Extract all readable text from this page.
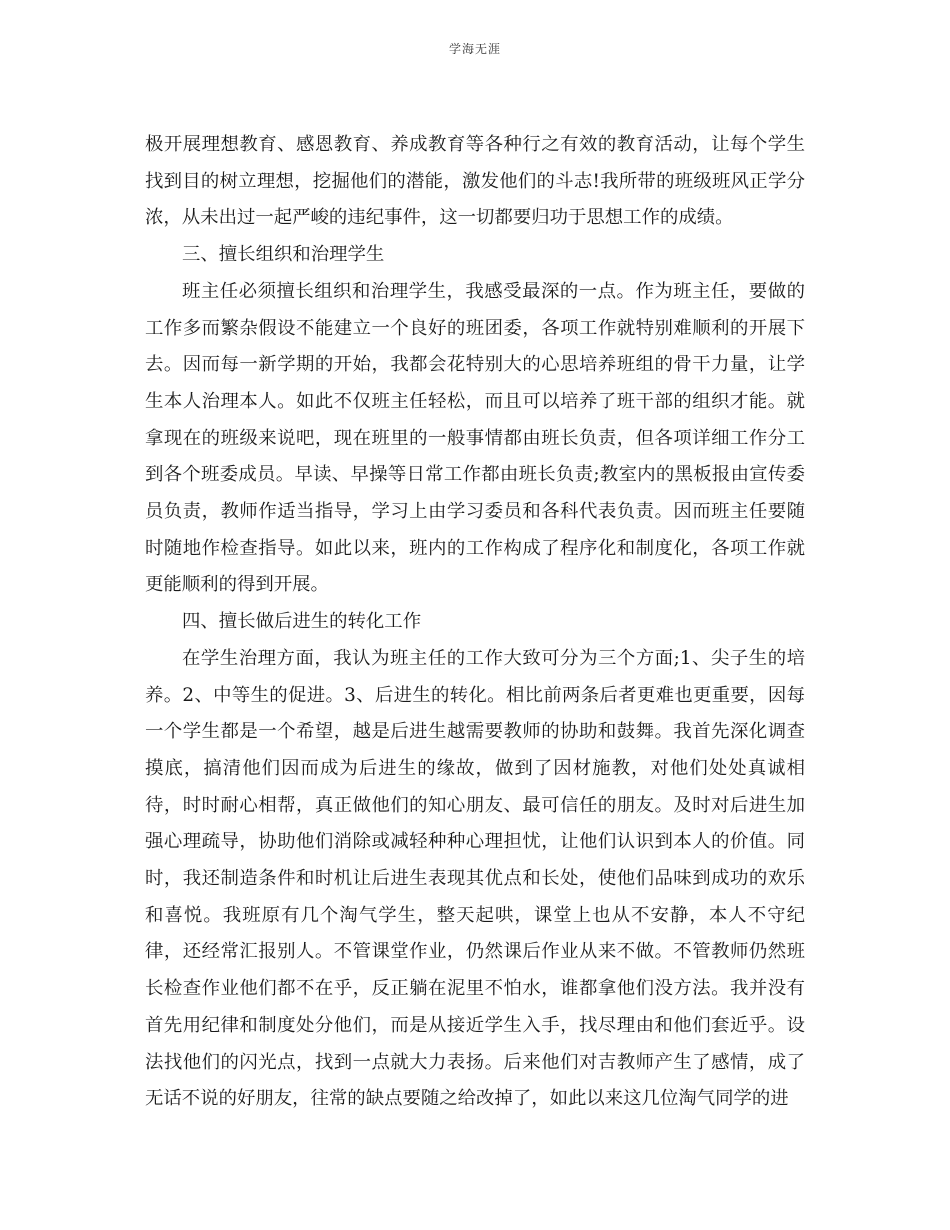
学海无涯

极开展理想教育、感恩教育、养成教育等各种行之有效的教育活动，让每个学生找到目的树立理想，挖掘他们的潜能，激发他们的斗志!我所带的班级班风正学分浓，从未出过一起严峻的违纪事件，这一切都要归功于思想工作的成绩。

三、擅长组织和治理学生

班主任必须擅长组织和治理学生，我感受最深的一点。作为班主任，要做的工作多而繁杂假设不能建立一个良好的班团委，各项工作就特别难顺利的开展下去。因而每一新学期的开始，我都会花特别大的心思培养班组的骨干力量，让学生本人治理本人。如此不仅班主任轻松，而且可以培养了班干部的组织才能。就拿现在的班级来说吧，现在班里的一般事情都由班长负责，但各项详细工作分工到各个班委成员。早读、早操等日常工作都由班长负责;教室内的黑板报由宣传委员负责，教师作适当指导，学习上由学习委员和各科代表负责。因而班主任要随时随地作检查指导。如此以来，班内的工作构成了程序化和制度化，各项工作就更能顺利的得到开展。

四、擅长做后进生的转化工作

在学生治理方面，我认为班主任的工作大致可分为三个方面;1、尖子生的培养。2、中等生的促进。3、后进生的转化。相比前两条后者更难也更重要，因每一个学生都是一个希望，越是后进生越需要教师的协助和鼓舞。我首先深化调查摸底，搞清他们因而成为后进生的缘故，做到了因材施教，对他们处处真诚相待，时时耐心相帮，真正做他们的知心朋友、最可信任的朋友。及时对后进生加强心理疏导，协助他们消除或减轻种种心理担忧，让他们认识到本人的价值。同时，我还制造条件和时机让后进生表现其优点和长处，使他们品味到成功的欢乐和喜悦。我班原有几个淘气学生，整天起哄，课堂上也从不安静，本人不守纪律，还经常汇报别人。不管课堂作业，仍然课后作业从来不做。不管教师仍然班长检查作业他们都不在乎，反正躺在泥里不怕水，谁都拿他们没方法。我并没有首先用纪律和制度处分他们，而是从接近学生入手，找尽理由和他们套近乎。设法找他们的闪光点，找到一点就大力表扬。后来他们对吉教师产生了感情，成了无话不说的好朋友，往常的缺点要随之给改掉了，如此以来这几位淘气同学的进
